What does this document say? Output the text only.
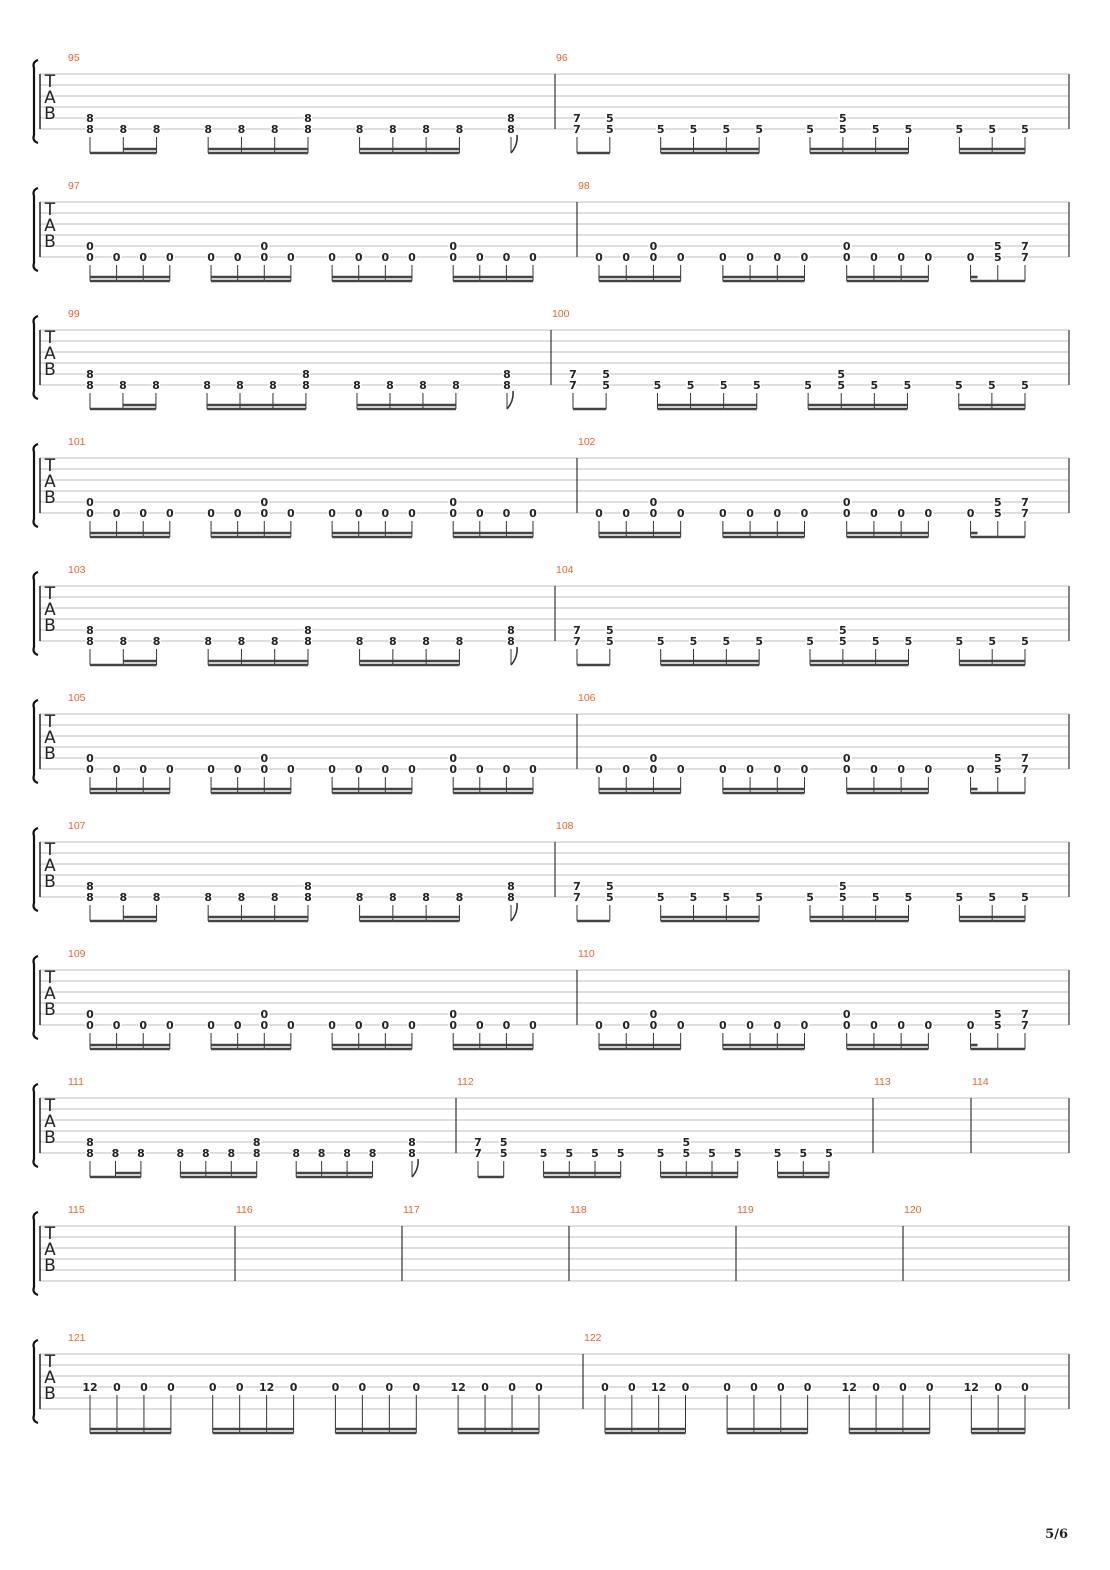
T
A
B
95
8
8 8 8	8 8 8
8
8	8 8 8 8
8
8
96
7
7
5
5	5 5 5 5	5
5
5 5 5	5 5 5
T
A
B
97
0
0 0 0 0	0 0
0
0 0	0 0 0 0
0
0 0 0 0
98
0 0
0
0 0	0 0 0 0
0
0 0 0 0	0
5
5
7
7
T
A
B
99
8
8 8 8	8 8 8
8
8	8 8 8 8
8
8
100
7
7
5
5	5 5 5 5	5
5
5 5 5	5 5 5
T
A
B
101
0
0 0 0 0	0 0
0
0 0	0 0 0 0
0
0 0 0 0
102
0 0
0
0 0	0 0 0 0
0
0 0 0 0	0
5
5
7
7
T
A
B
103
8
8 8 8	8 8 8
8
8	8 8 8 8
8
8
104
7
7
5
5	5 5 5 5	5
5
5 5 5	5 5 5
T
A
B
105
0
0 0 0 0	0 0
0
0 0	0 0 0 0
0
0 0 0 0
106
0 0
0
0 0	0 0 0 0
0
0 0 0 0	0
5
5
7
7
T
A
B
107
8
8 8 8	8 8 8
8
8	8 8 8 8
8
8
108
7
7
5
5	5 5 5 5	5
5
5 5 5	5 5 5
T
A
B
109
0
0 0 0 0	0 0
0
0 0	0 0 0 0
0
0 0 0 0
110
0 0
0
0 0	0 0 0 0
0
0 0 0 0	0
5
5
7
7
T
A
B
111
8
8 8 8	8 8 8
8
8	8 8 8 8
8
8
112
7
7
5
5	5 5 5 5	5
5
5 5 5	5 5 5
113	114
T
A
B
115	116	117	118	119	120
T
A
B
121
12 0 0 0	0 0 12 0	0 0 0 0	12 0 0 0
122
0 0 12 0	0 0 0 0	12 0 0 0	12 0 0
5/6
